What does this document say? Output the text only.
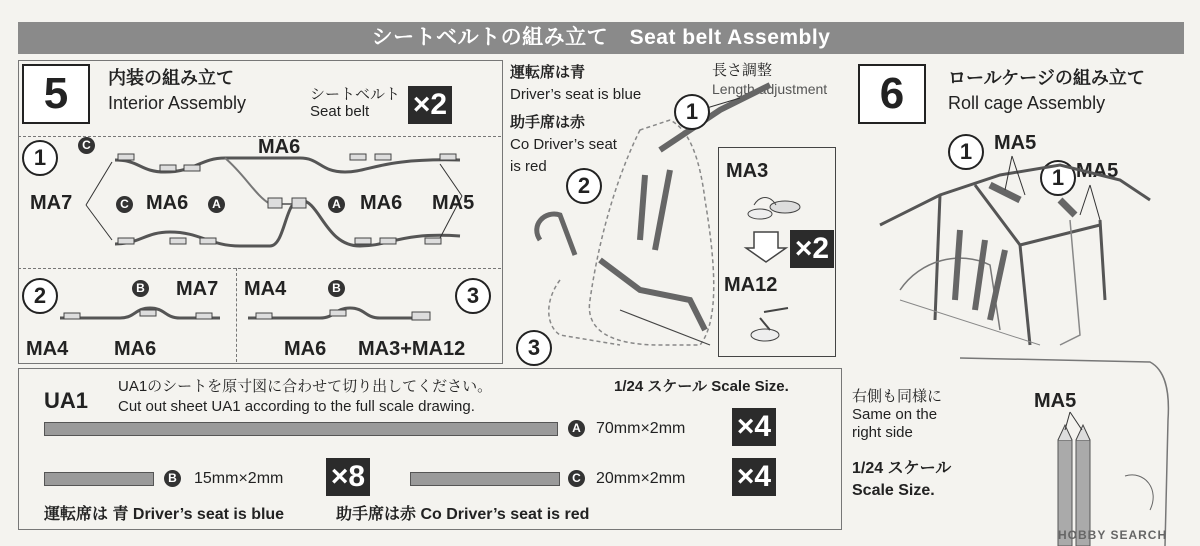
シートベルトの組み立て　Seat belt Assembly
5	内装の組み立て
Interior Assembly	シートベルト
Seat belt ×2
1	C
MA7	C MA6	A
MA6
A MA6 MA5
2	B MA7
MA4 MA6
MA4	B	3
MA6 MA3+MA12
運転席は青
Driver’s seat is blue
助手席は赤
Co Driver’s seat
is red
長さ調整
Length adjustment
1
2
3
MA3
×2
MA12
6	ロールケージの組み立て
Roll cage Assembly
1	MA5
1 MA5
右側も同様に
Same on the
right side
1/24 スケール
Scale Size.
MA5
UA1
UA1のシートを原寸図に合わせて切り出してください。
Cut out sheet UA1 according to the full scale drawing.
1/24 スケール Scale Size.
A 70mm×2mm ×4
B 15mm×2mm ×8	C 20mm×2mm ×4
運転席は 青 Driver’s seat is blue	助手席は赤 Co Driver’s seat is red
HOBBY SEARCH
